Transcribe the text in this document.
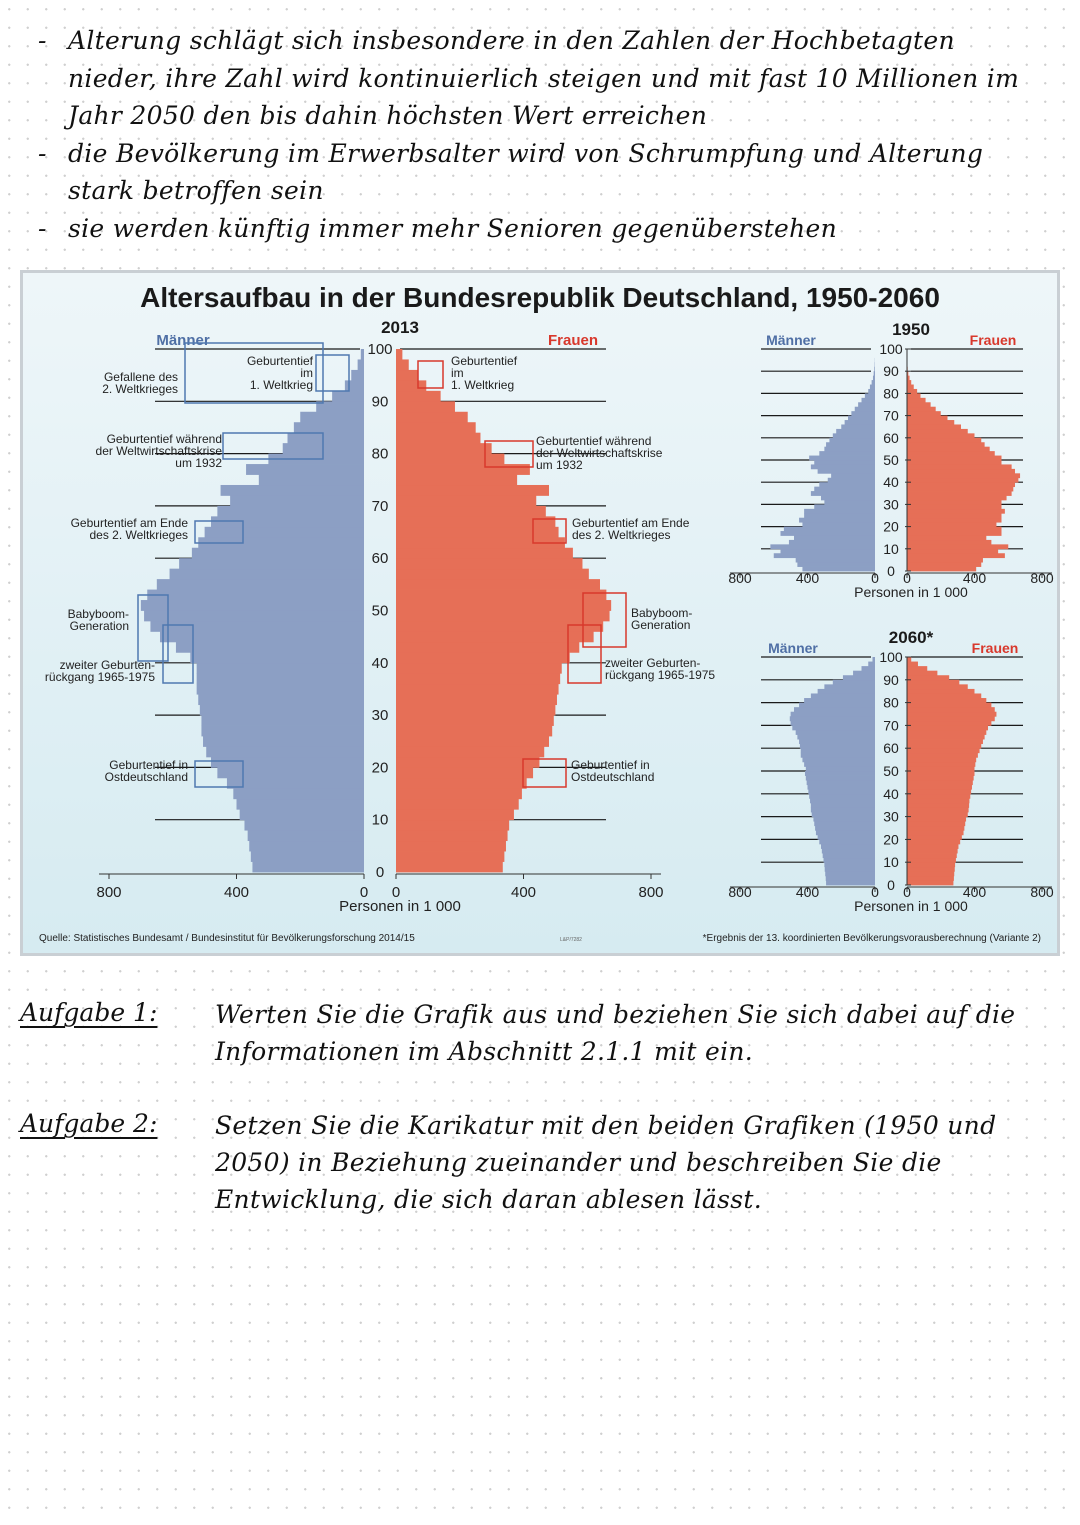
- Alterung schlägt sich insbesondere in den Zahlen der Hochbetagten nieder, ihre Zahl wird kontinuierlich steigen und mit fast 10 Millionen im Jahr 2050 den bis dahin höchsten Wert erreichen
- die Bevölkerung im Erwerbsalter wird von Schrumpfung und Alterung stark betroffen sein
- sie werden künftig immer mehr Senioren gegenüberstehen
Altersaufbau in der Bundesrepublik Deutschland, 1950-2060
Quelle: Statistisches Bundesamt / Bundesinstitut für Bevölkerungsforschung 2014/15	L&P/7282	*Ergebnis der 13. koordinierten Bevölkerungsvorausberechnung (Variante 2)
0
10
20
30
40
50
60
70
80
90
100
800	400	0 0	400	800
Personen in 1 000
2013
Männer	Frauen
Gefallene des
2. Weltkrieges
Geburtentief
im
1. Weltkrieg
Geburtentief während
der Weltwirtschaftskrise
um 1932
Geburtentief am Ende
des 2. Weltkrieges
Babyboom-
Generation
zweiter Geburten-
rückgang 1965-1975
Geburtentief in
Ostdeutschland
Geburtentief
im
1. Weltkrieg
Geburtentief während
der Weltwirtschaftskrise
um 1932
Geburtentief am Ende
des 2. Weltkrieges
Babyboom-
Generation
zweiter Geburten-
rückgang 1965-1975
Geburtentief in
Ostdeutschland
0
10
20
30
40
50
60
70
80
90
100
800	400	0 0	400	800
Personen in 1 000
1950
Männer	Frauen
0
10
20
30
40
50
60
70
80
90
100
800	400	0 0	400	800
Personen in 1 000
2060*
Männer	Frauen
Aufgabe 1: Werten Sie die Grafik aus und beziehen Sie sich dabei auf die Informationen im Abschnitt 2.1.1 mit ein.
Aufgabe 2: Setzen Sie die Karikatur mit den beiden Grafiken (1950 und 2050) in Beziehung zueinander und beschreiben Sie die Entwicklung, die sich daran ablesen lässt.
